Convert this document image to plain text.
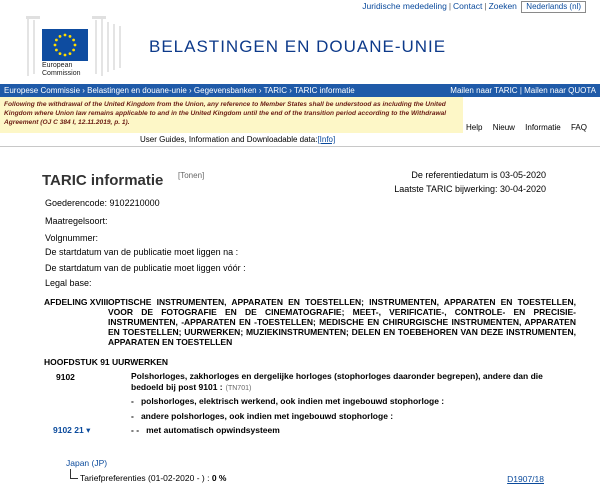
Juridische mededeling | Contact | Zoeken Nederlands (nl)
European
Commission
BELASTINGEN EN DOUANE-UNIE
Europese Commissie › Belastingen en douane-unie › Gegevensbanken › TARIC › TARIC informatie	Mailen naar TARIC | Mailen naar QUOTA
Following the withdrawal of the United Kingdom from the Union, any reference to Member States shall be understood as including the United Kingdom where Union law remains applicable to and in the United Kingdom until the end of the transition period according to the Withdrawal Agreement (OJ C 384 I, 12.11.2019, p. 1).
Help Nieuw Informatie FAQ
User Guides, Information and Downloadable data:[Info]
TARIC informatie [Tonen]	De referentiedatum is 03-05-2020
Laatste TARIC bijwerking: 30-04-2020
Goederencode: 9102210000
Maatregelsoort:
Volgnummer:
De startdatum van de publicatie moet liggen na :
De startdatum van de publicatie moet liggen vóór :
Legal base:
AFDELING XVIII OPTISCHE INSTRUMENTEN, APPARATEN EN TOESTELLEN; INSTRUMENTEN, APPARATEN EN TOESTELLEN, VOOR DE FOTOGRAFIE EN DE CINEMATOGRAFIE; MEET-, VERIFICATIE-, CONTROLE- EN PRECISIE-INSTRUMENTEN, -APPARATEN EN -TOESTELLEN; MEDISCHE EN CHIRURGISCHE INSTRUMENTEN, APPARATEN EN TOESTELLEN; UURWERKEN; MUZIEKINSTRUMENTEN; DELEN EN TOEBEHOREN VAN DEZE INSTRUMENTEN, APPARATEN EN TOESTELLEN
HOOFDSTUK 91 UURWERKEN
9102	Polshorloges, zakhorloges en dergelijke horloges (stophorloges daaronder begrepen), andere dan die bedoeld bij post 9101 : (TN701)
- polshorloges, elektrisch werkend, ook indien met ingebouwd stophorloge :
- andere polshorloges, ook indien met ingebouwd stophorloge :
9102 21 ▾	- - met automatisch opwindsysteem
Japan (JP)
Tariefpreferenties (01-02-2020 - ) : 0 %	D1907/18
